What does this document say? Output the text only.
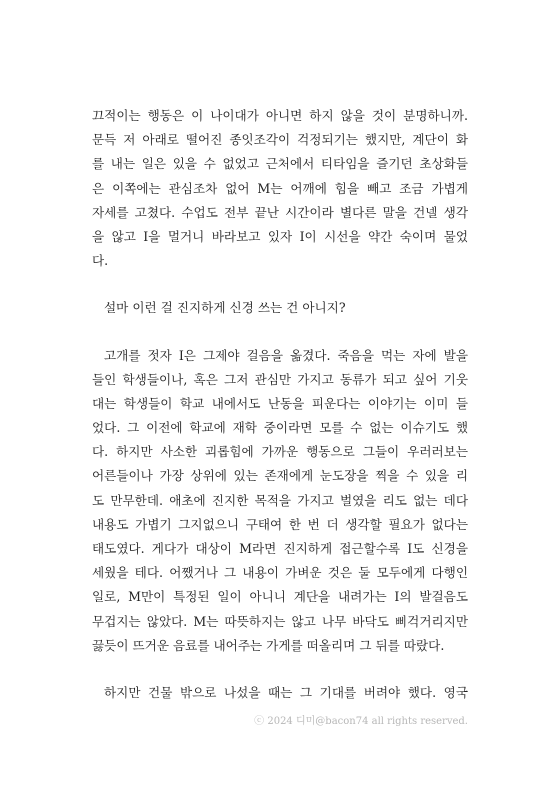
끄적이는 행동은 이 나이대가 아니면 하지 않을 것이 분명하니까.
문득 저 아래로 떨어진 종잇조각이 걱정되기는 했지만, 계단이 화
를 내는 일은 있을 수 없었고 근처에서 티타임을 즐기던 초상화들
은 이쪽에는 관심조차 없어 M는 어깨에 힘을 빼고 조금 가볍게
자세를 고쳤다. 수업도 전부 끝난 시간이라 별다른 말을 건넬 생각
을 않고 I을 멀거니 바라보고 있자 I이 시선을 약간 숙이며 물었
다.
설마 이런 걸 진지하게 신경 쓰는 건 아니지?
고개를 젓자 I은 그제야 걸음을 옮겼다. 죽음을 먹는 자에 발을
들인 학생들이나, 혹은 그저 관심만 가지고 동류가 되고 싶어 기웃
대는 학생들이 학교 내에서도 난동을 피운다는 이야기는 이미 들
었다. 그 이전에 학교에 재학 중이라면 모를 수 없는 이슈기도 했
다. 하지만 사소한 괴롭힘에 가까운 행동으로 그들이 우러러보는
어른들이나 가장 상위에 있는 존재에게 눈도장을 찍을 수 있을 리
도 만무한데. 애초에 진지한 목적을 가지고 벌였을 리도 없는 데다
내용도 가볍기 그지없으니 구태여 한 번 더 생각할 필요가 없다는
태도였다. 게다가 대상이 M라면 진지하게 접근할수록 I도 신경을
세웠을 테다. 어쨌거나 그 내용이 가벼운 것은 둘 모두에게 다행인
일로, M만이 특정된 일이 아니니 계단을 내려가는 I의 발걸음도
무겁지는 않았다. M는 따뜻하지는 않고 나무 바닥도 삐걱거리지만
끓듯이 뜨거운 음료를 내어주는 가게를 떠올리며 그 뒤를 따랐다.
하지만 건물 밖으로 나섰을 때는 그 기대를 버려야 했다. 영국
ⓒ 2024 디미@bacon74 all rights reserved.
